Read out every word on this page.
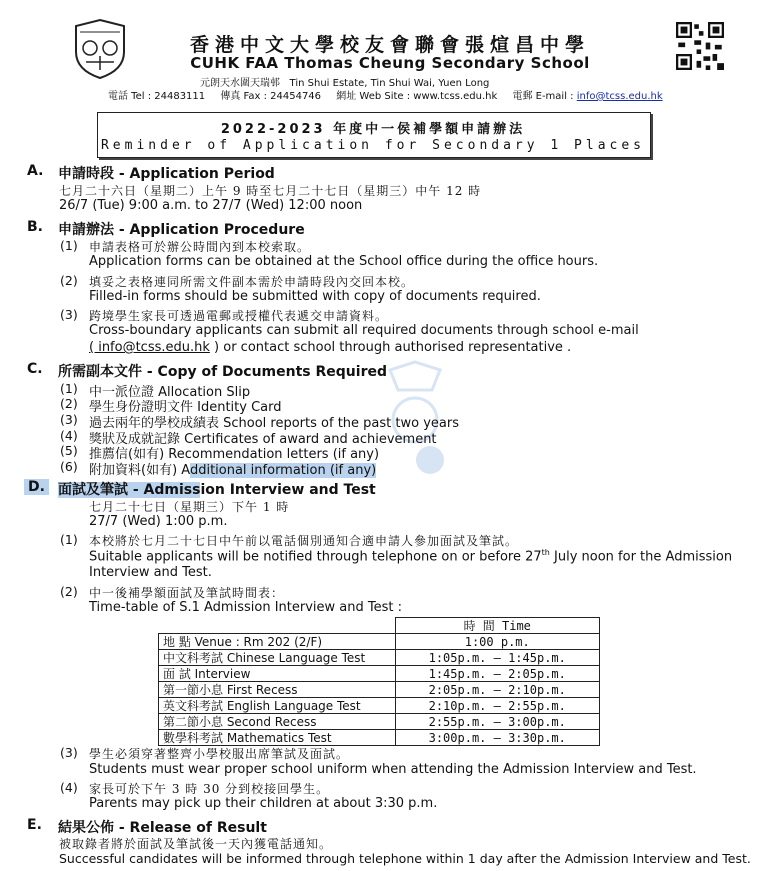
香港中文大學校友會聯會張煊昌中學
CUHK FAA Thomas Cheung Secondary School
元朗天水圍天瑞邨 Tin Shui Estate, Tin Shui Wai, Yuen Long
電話 Tel : 24483111 傳真 Fax : 24454746 網址 Web Site : www.tcss.edu.hk 電郵 E-mail : info@tcss.edu.hk
2022-2023 年度中一侯補學額申請辦法
Reminder of Application for Secondary 1 Places
A. 申請時段 - Application Period
七月二十六日（星期二）上午 9 時至七月二十七日（星期三）中午 12 時
26/7 (Tue) 9:00 a.m. to 27/7 (Wed) 12:00 noon
B. 申請辦法 - Application Procedure
(1) 申請表格可於辦公時間內到本校索取。
Application forms can be obtained at the School office during the office hours.
(2) 填妥之表格連同所需文件副本需於申請時段內交回本校。
Filled-in forms should be submitted with copy of documents required.
(3) 跨境學生家長可透過電郵或授權代表遞交申請資料。
Cross-boundary applicants can submit all required documents through school e-mail
( info@tcss.edu.hk ) or contact school through authorised representative .
C. 所需副本文件 - Copy of Documents Required
(1) 中一派位證 Allocation Slip
(2) 學生身份證明文件 Identity Card
(3) 過去兩年的學校成績表 School reports of the past two years
(4) 獎狀及成就記錄 Certificates of award and achievement
(5) 推薦信(如有) Recommendation letters (if any)
(6) 附加資料(如有) Additional information (if any)
D. 面試及筆試 - Admission Interview and Test
七月二十七日（星期三）下午 1 時
27/7 (Wed) 1:00 p.m.
(1) 本校將於七月二十七日中午前以電話個別通知合適申請人參加面試及筆試。
Suitable applicants will be notified through telephone on or before 27th July noon for the Admission
Interview and Test.
(2) 中一後補學額面試及筆試時間表：
Time-table of S.1 Admission Interview and Test :
	時 間 Time
地 點 Venue : Rm 202 (2/F)	1:00 p.m.
中文科考試 Chinese Language Test	1:05p.m. — 1:45p.m.
面 試 Interview	1:45p.m. — 2:05p.m.
第一節小息 First Recess	2:05p.m. — 2:10p.m.
英文科考試 English Language Test	2:10p.m. — 2:55p.m.
第二節小息 Second Recess	2:55p.m. — 3:00p.m.
數學科考試 Mathematics Test	3:00p.m. — 3:30p.m.
(3) 學生必須穿著整齊小學校服出席筆試及面試。
Students must wear proper school uniform when attending the Admission Interview and Test.
(4) 家長可於下午 3 時 30 分到校接回學生。
Parents may pick up their children at about 3:30 p.m.
E. 結果公佈 - Release of Result
被取錄者將於面試及筆試後一天內獲電話通知。
Successful candidates will be informed through telephone within 1 day after the Admission Interview and Test.
